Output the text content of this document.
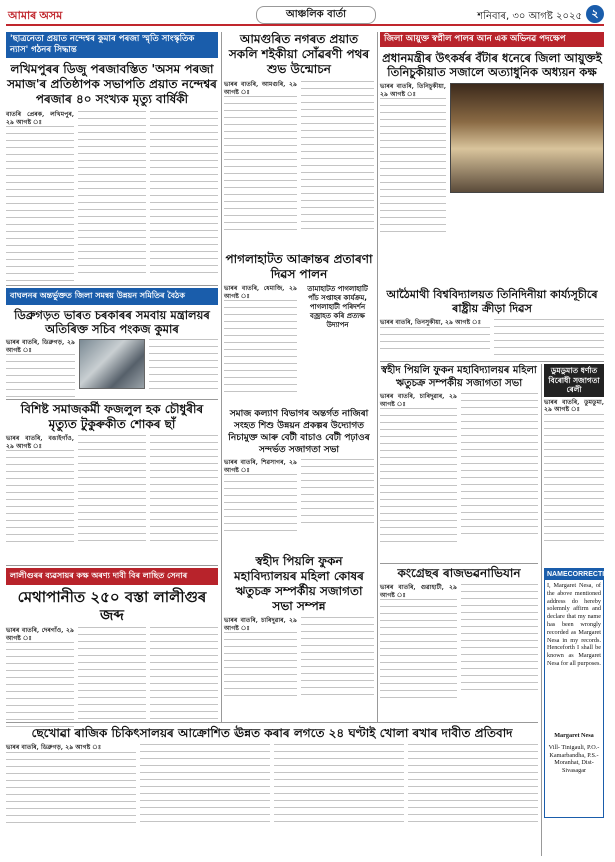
আমাৰ অসম	আঞ্চলিক বাৰ্তা	শনিবাৰ, ৩০ আগষ্ট ২০২৫ ২
'ছাত্ৰনেতা প্ৰয়াত নন্দেশ্বৰ কুমাৰ পৰজা স্মৃতি সাংস্কৃতিক ন্যাস' গঠনৰ সিদ্ধান্ত
লখিমপুৰৰ ডিজু পৰজাবস্তিত 'অসম পৰজা সমাজ'ৰ প্ৰতিষ্ঠাপক সভাপতি প্ৰয়াত নন্দেশ্বৰ পৰজাৰ ৪০ সংখ্যক মৃত্যু বাৰ্ষিকী
বাতৰি প্ৰেৰক, লখিমপুৰ, ২৯ আগষ্ট ঃ
আমগুৰিত নগৰত প্ৰয়াত সকলি শইকীয়া সোঁৱৰণী পথৰ শুভ উন্মোচন
ভাৰৰ বাতৰি, আমগুৰি, ২৯ আগষ্ট ঃ
জিলা আয়ুক্ত স্বপ্নীল পালৰ আন এক অভিনৱ পদক্ষেপ
প্ৰধানমন্ত্ৰীৰ উৎকৰ্ষৰ বঁটাৰ ধনেৰে জিলা আয়ুক্তই তিনিচুকীয়াত সজালে অত্যাধুনিক অধ্যয়ন কক্ষ
ভাৰৰ বাতৰি, তিনিচুকীয়া, ২৯ আগষ্ট ঃ
বাঘলনৰ অন্তৰ্ভুক্তত জিলা সমন্বয় উন্নয়ন সমিতিৰ বৈঠক
ডিব্ৰুগড়ত ভাৰত চৰকাৰৰ সমবায় মন্ত্ৰালয়ৰ অতিৰিক্ত সচিব পংকজ কুমাৰ
ভাৰৰ বাতৰি, ডিব্ৰুগড়, ২৯ আগষ্ট ঃ
পাগলাহাটত আক্ৰান্তৰ প্ৰতাৰণা দিৱস পালন
ভাৰৰ বাতৰি, ধেমাজি, ২৯ আগষ্ট ঃ
তামাহাটত পাগলাহাটি পাঁচ সপ্তাহৰ কাৰ্যক্ৰম, পাগলাহাটী পৰিদৰ্শন বজ্ৰাহত কৰি প্ৰত্যক্ষ উদ্যাপন
আঠৈমাথী বিশ্ববিদ্যালয়ত তিনিদিনীয়া কাৰ্য্যসূচীৰে ৰাষ্ট্ৰীয় ক্ৰীড়া দিৱস
ভাৰৰ বাতৰি, তিনসুকীয়া, ২৯ আগষ্ট ঃ
বিশিষ্ট সমাজকৰ্মী ফজলুল হক চৌধুৰীৰ মৃত্যুত টুকুৰুকীত শোকৰ ছাঁ
ভাৰৰ বাতৰি, বঙাইগাঁও, ২৯ আগষ্ট ঃ
সমাজ কল্যাণ বিভাগৰ অন্তৰ্গত নাজিৰা সংহত শিশু উন্নয়ন প্ৰকল্পৰ উদ্যোগত নিচামুক্ত আৰু বেটী বাচাও বেটী পঢ়াওৰ সন্দৰ্ভত সজাগতা সভা
ভাৰৰ বাতৰি, শিৱসাগৰ, ২৯ আগষ্ট ঃ
স্বহীদ পিয়লি ফুকন মহাবিদ্যালয়ৰ মহিলা ঋতুচক্ৰ সম্পৰ্কীয় সজাগতা সভা
ভাৰৰ বাতৰি, চাৰিদুৱাৰ, ২৯ আগষ্ট ঃ
ডুমডুমাত ধৰ্ণাত বিৰোধী সজাগতা ৰেলী
ভাৰৰ বাতৰি, ডুমডুমা, ২৯ আগষ্ট ঃ
NAMECORRECTION
I, Margaret Nesa, of the above mentioned address do hereby solemnly affirm and declare that my name has been wrongly recorded as Margaret Nesa in my records. Henceforth I shall be known as Margaret Nesa for all purposes.
Margaret Nesa
Vill- Tinigauli, P.O.- Kamarbandha, P.S.- Moranhat, Dist- Sivasagar
লালীগুৰৰ ব্যৱসায়ৰ কক্ষ অৰণ্য দাবী বিৰ লাছিত সেনাৰ
মেথাপানীত ২৫০ বস্তা লালীগুৰ জব্দ
ভাৰৰ বাতৰি, দেৰগাঁও, ২৯ আগষ্ট ঃ
স্বহীদ পিয়লি ফুকন মহাবিদ্যালয়ৰ মহিলা কোষৰ ঋতুচক্ৰ সম্পৰ্কীয় সজাগতা সভা সম্পন্ন
ভাৰৰ বাতৰি, চাৰিদুৱাৰ, ২৯ আগষ্ট ঃ
কংগ্ৰেছৰ ৰাজভৱনাভিযান
ভাৰৰ বাতৰি, গুৱাহাটী, ২৯ আগষ্ট ঃ
ছেখোৱা ৰাজিক চিকিৎসালয়ৰ আক্ৰোশিত ঊন্নত কৰাৰ লগতে ২৪ ঘণ্টাই খোলা ৰখাৰ দাবীত প্ৰতিবাদ
ভাৰৰ বাতৰি, ডিব্ৰুগড়, ২৯ আগষ্ট ঃ
